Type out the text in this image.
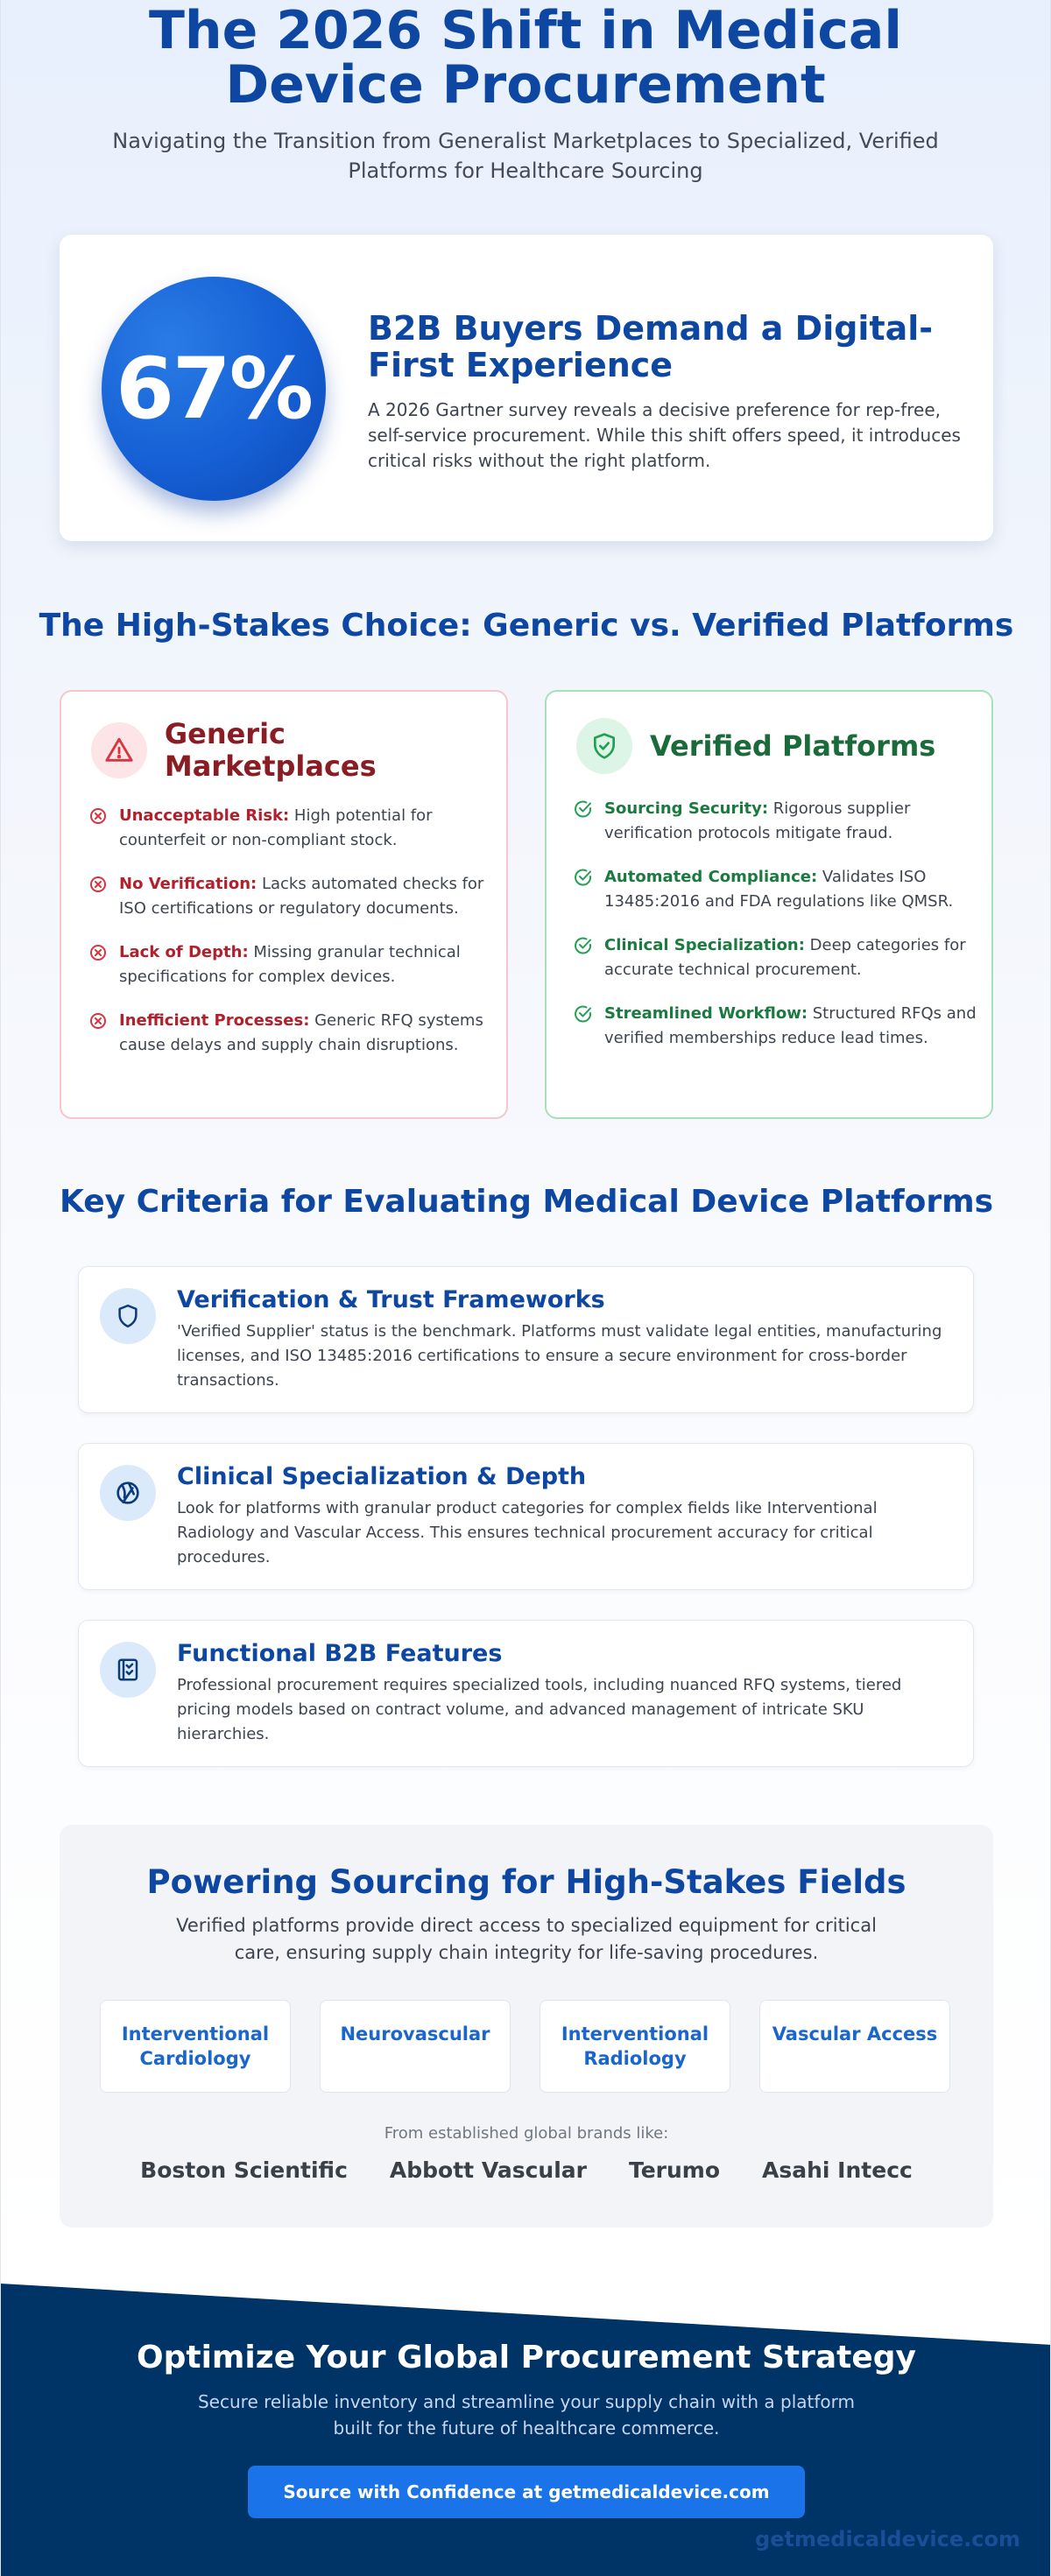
The 2026 Shift in Medical Device Procurement

Navigating the Transition from Generalist Marketplaces to Specialized, Verified Platforms for Healthcare Sourcing

67%
B2B Buyers Demand a Digital-First Experience

A 2026 Gartner survey reveals a decisive preference for rep-free, self-service procurement. While this shift offers speed, it introduces critical risks without the right platform.

The High-Stakes Choice: Generic vs. Verified Platforms
Generic Marketplaces

Unacceptable Risk: High potential for counterfeit or non-compliant stock.

No Verification: Lacks automated checks for ISO certifications or regulatory documents.

Lack of Depth: Missing granular technical specifications for complex devices.

Inefficient Processes: Generic RFQ systems cause delays and supply chain disruptions.

Verified Platforms

Sourcing Security: Rigorous supplier verification protocols mitigate fraud.

Automated Compliance: Validates ISO 13485:2016 and FDA regulations like QMSR.

Clinical Specialization: Deep categories for accurate technical procurement.

Streamlined Workflow: Structured RFQs and verified memberships reduce lead times.

Key Criteria for Evaluating Medical Device Platforms
Verification & Trust Frameworks

'Verified Supplier' status is the benchmark. Platforms must validate legal entities, manufacturing licenses, and ISO 13485:2016 certifications to ensure a secure environment for cross-border transactions.

Clinical Specialization & Depth

Look for platforms with granular product categories for complex fields like Interventional Radiology and Vascular Access. This ensures technical procurement accuracy for critical procedures.

Functional B2B Features

Professional procurement requires specialized tools, including nuanced RFQ systems, tiered pricing models based on contract volume, and advanced management of intricate SKU hierarchies.

Powering Sourcing for High-Stakes Fields

Verified platforms provide direct access to specialized equipment for critical care, ensuring supply chain integrity for life-saving procedures.

Interventional Cardiology
Neurovascular	Interventional Radiology
Vascular Access
From established global brands like:
Boston Scientific Abbott Vascular Terumo Asahi Intecc
Optimize Your Global Procurement Strategy

Secure reliable inventory and streamline your supply chain with a platform built for the future of healthcare commerce.

Source with Confidence at getmedicaldevice.com
getmedicaldevice.com
